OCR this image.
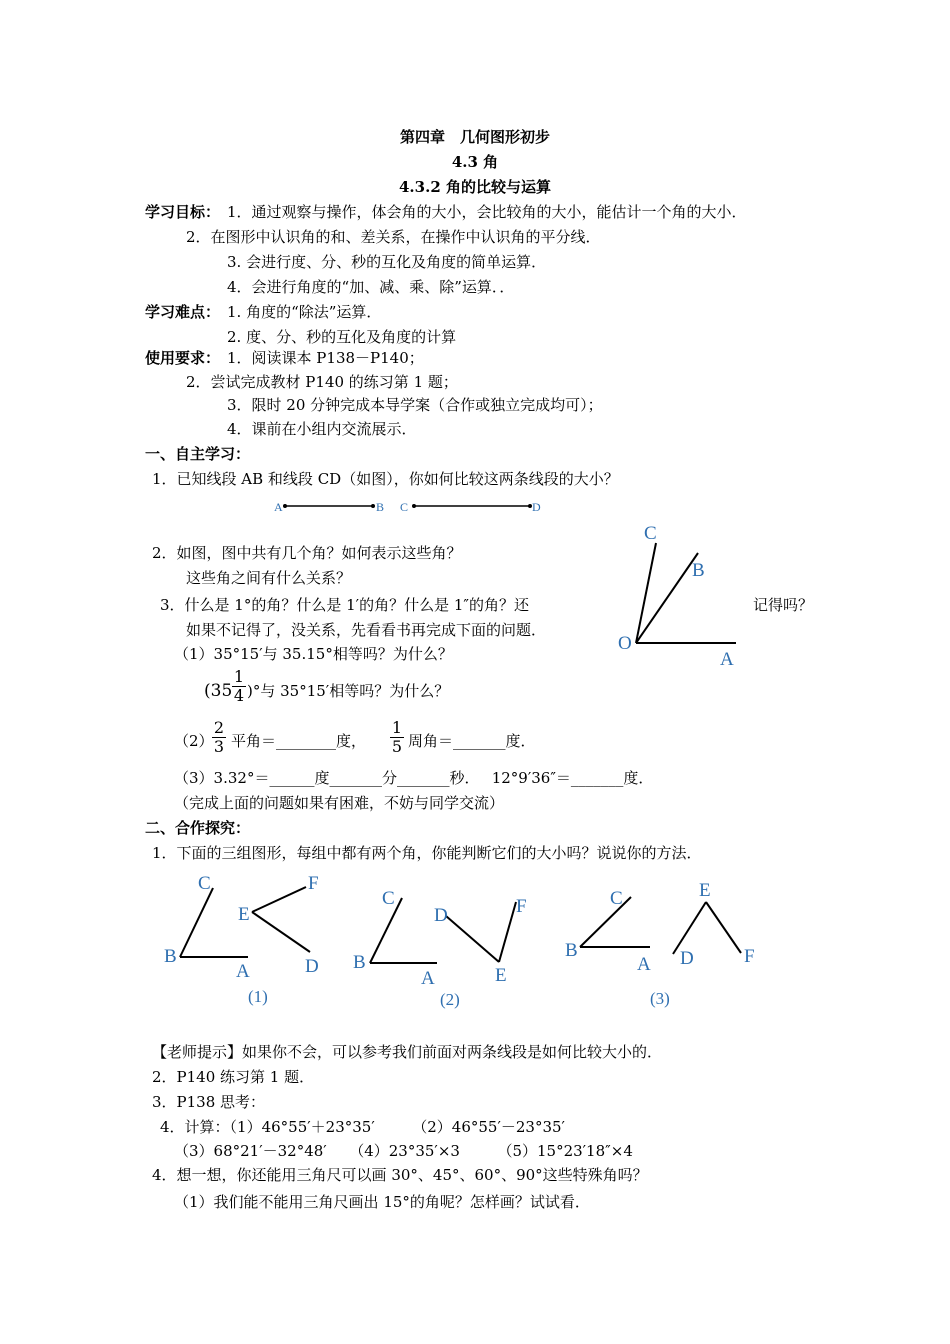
第四章　几何图形初步
4.3 角
4.3.2 角的比较与运算
学习目标： 1．通过观察与操作，体会角的大小，会比较角的大小，能估计一个角的大小．
2．在图形中认识角的和、差关系，在操作中认识角的平分线．
3. 会进行度、分、秒的互化及角度的简单运算．
4．会进行角度的“加、减、乘、除”运算．．
学习难点： 1. 角度的“除法”运算．
2. 度、分、秒的互化及角度的计算
使用要求： 1．阅读课本 P138－P140；
2．尝试完成教材 P140 的练习第 1 题；
3．限时 20 分钟完成本导学案（合作或独立完成均可）；
4．课前在小组内交流展示．
一、自主学习：
1．已知线段 AB 和线段 CD（如图），你如何比较这两条线段的大小？
A	B C	D
C
B
O
A
2．如图，图中共有几个角？如何表示这些角？
这些角之间有什么关系？
3．什么是 1°的角？什么是 1′的角？什么是 1″的角？还	记得吗？
如果不记得了，没关系，先看看书再完成下面的问题．
（1）35°15′与 35.15°相等吗？为什么？
($35 \frac{1}{4}$ )°与 35°15′相等吗？为什么？
（2）
$\frac{2}{3}$ 平角＝________度， $\frac{1}{5}$ 周角＝_______度．
（3）3.32°＝______度_______分_______秒．　 12°9′36″＝_______度．
（完成上面的问题如果有困难，不妨与同学交流）
二、合作探究：
1．下面的三组图形，每组中都有两个角，你能判断它们的大小吗？说说你的方法．
C
B
A
E
F
D
(1)
C
B
A
D
E
F
(2)
C
B
A
E
D	F
(3)
【老师提示】如果你不会，可以参考我们前面对两条线段是如何比较大小的．
2．P140 练习第 1 题．
3．P138 思考：
4．计算：（1）46°55′＋23°35′　　　（2）46°55′－23°35′
（3）68°21′－32°48′　　（4）23°35′×3　　　（5）15°23′18″×4
4．想一想，你还能用三角尺可以画 30°、45°、60°、90°这些特殊角吗？
（1）我们能不能用三角尺画出 15°的角呢？怎样画？试试看．
